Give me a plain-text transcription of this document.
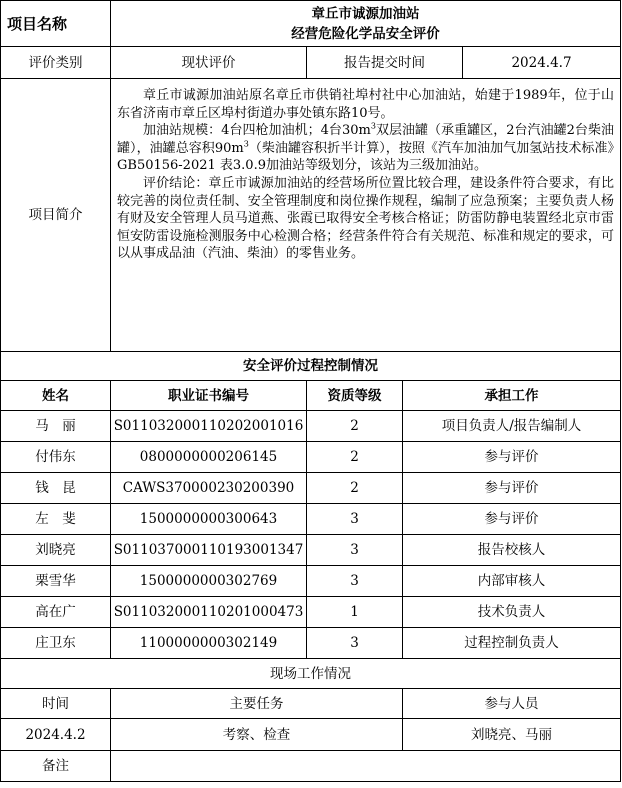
项目名称	章丘市诚源加油站
经营危险化学品安全评价			

评价类别	现状评价	报告提交时间		2024.4.7
项目简介	章丘市诚源加油站原名章丘市供销社埠村社中心加油站，始建于1989年，位于山东省济南市章丘区埠村街道办事处镇东路10号。

加油站规模：4台四枪加油机；4台$30m^3$双层油罐（承重罐区，2台汽油罐2台柴油罐），油罐总容积$90m^3$（柴油罐容积折半计算），按照《汽车加油加气加氢站技术标准》GB50156-2021 表3.0.9加油站等级划分，该站为三级加油站。

评价结论：章丘市诚源加油站的经营场所位置比较合理，建设条件符合要求，有比较完善的岗位责任制、安全管理制度和岗位操作规程，编制了应急预案；主要负责人杨有财及安全管理人员马道燕、张霞已取得安全考核合格证；防雷防静电装置经北京市雷恒安防雷设施检测服务中心检测合格；经营条件符合有关规范、标准和规定的要求，可以从事成品油（汽油、柴油）的零售业务。			

安全评价过程控制情况				
姓名	职业证书编号	资质等级	承担工作	
马　丽	S011032000110202001016	2	项目负责人/报告编制人	
付伟东	0800000000206145	2	参与评价	
钱　昆	CAWS370000230200390	2	参与评价	
左　斐	1500000000300643	3	参与评价	
刘晓亮	S011037000110193001347	3	报告校核人	
栗雪华	1500000000302769	3	内部审核人	
高在广	S011032000110201000473	1	技术负责人	
庄卫东	1100000000302149	3	过程控制负责人	
现场工作情况				
时间	主要任务		参与人员	
2024.4.2	考察、检查		刘晓亮、马丽	
备注				
